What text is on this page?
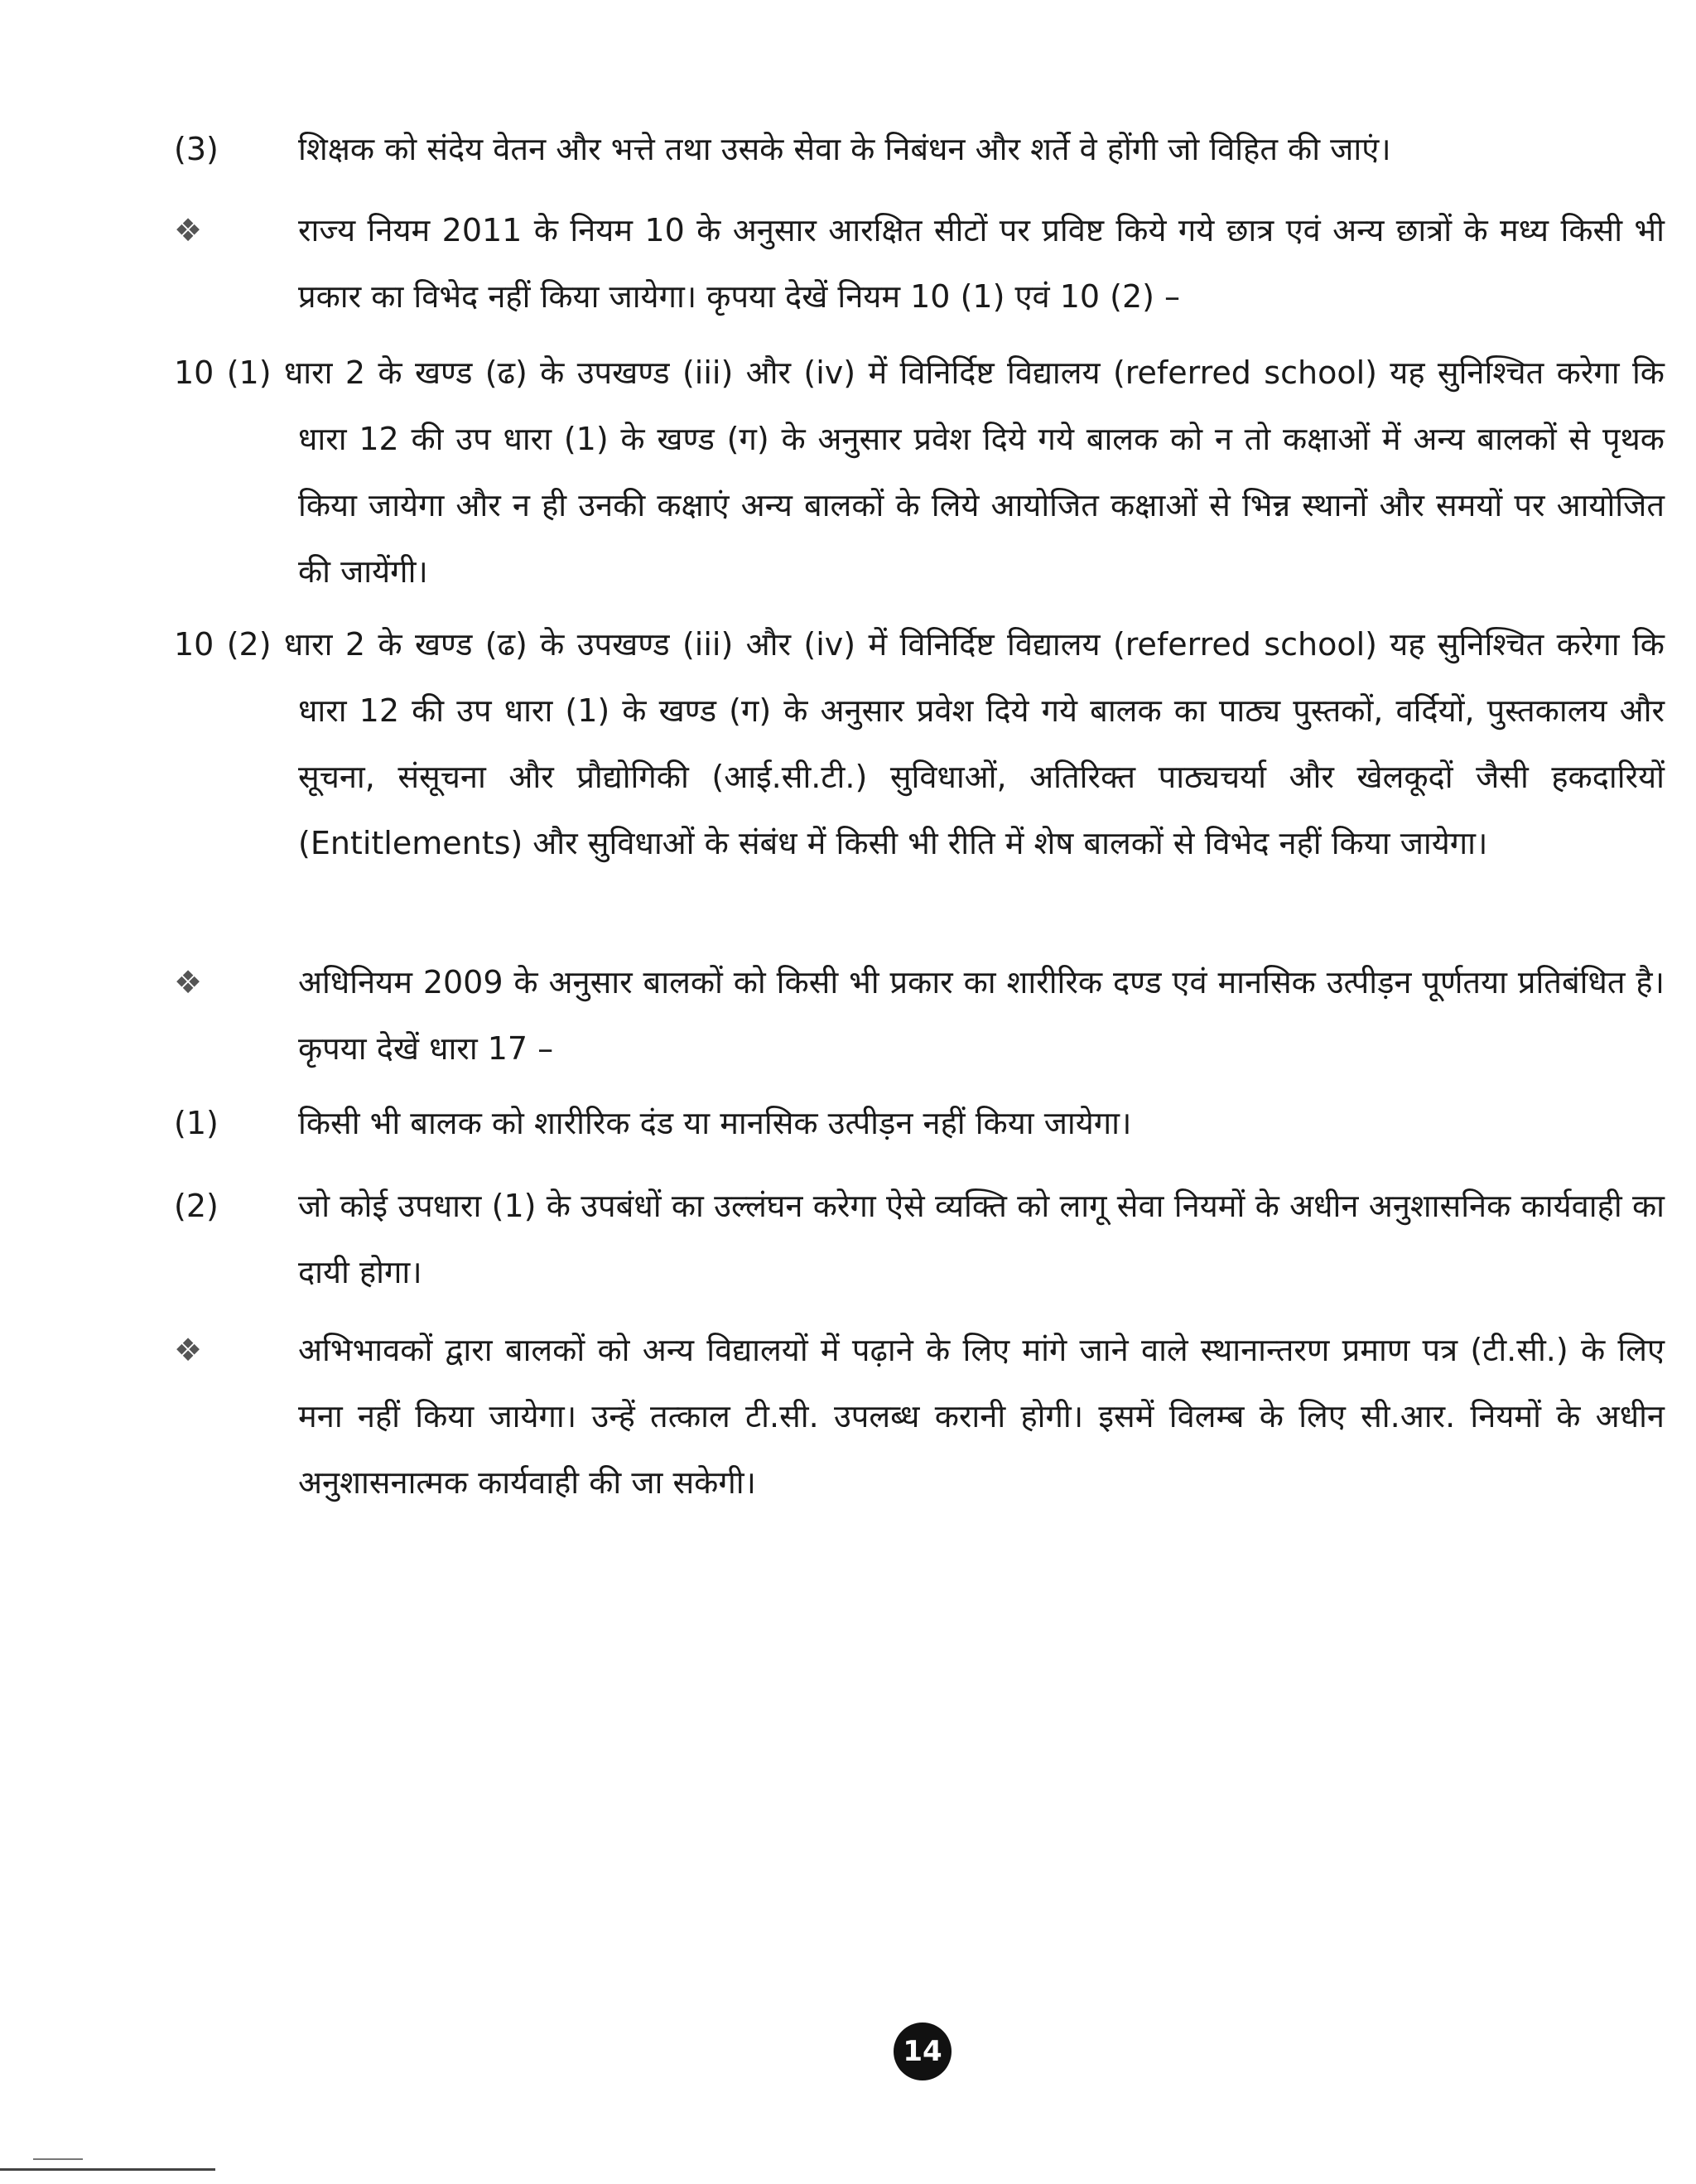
(3)	शिक्षक को संदेय वेतन और भत्ते तथा उसके सेवा के निबंधन और शर्ते वे होंगी जो विहित की जाएं।
❖	राज्य नियम 2011 के नियम 10 के अनुसार आरक्षित सीटों पर प्रविष्ट किये गये छात्र एवं अन्य छात्रों के मध्य किसी भी प्रकार का विभेद नहीं किया जायेगा। कृपया देखें नियम 10 (1) एवं 10 (2) –
10 (1) धारा 2 के खण्ड (ढ) के उपखण्ड (iii) और (iv) में विनिर्दिष्ट विद्यालय (referred school) यह सुनिश्चित करेगा कि धारा 12 की उप धारा (1) के खण्ड (ग) के अनुसार प्रवेश दिये गये बालक को न तो कक्षाओं में अन्य बालकों से पृथक किया जायेगा और न ही उनकी कक्षाएं अन्य बालकों के लिये आयोजित कक्षाओं से भिन्न स्थानों और समयों पर आयोजित की जायेंगी।
10 (2) धारा 2 के खण्ड (ढ) के उपखण्ड (iii) और (iv) में विनिर्दिष्ट विद्यालय (referred school) यह सुनिश्चित करेगा कि धारा 12 की उप धारा (1) के खण्ड (ग) के अनुसार प्रवेश दिये गये बालक का पाठ्य पुस्तकों, वर्दियों, पुस्तकालय और सूचना, संसूचना और प्रौद्योगिकी (आई.सी.टी.) सुविधाओं, अतिरिक्त पाठ्यचर्या और खेलकूदों जैसी हकदारियों (Entitlements) और सुविधाओं के संबंध में किसी भी रीति में शेष बालकों से विभेद नहीं किया जायेगा।
❖	अधिनियम 2009 के अनुसार बालकों को किसी भी प्रकार का शारीरिक दण्ड एवं मानसिक उत्पीड़न पूर्णतया प्रतिबंधित है। कृपया देखें धारा 17 –
(1)	किसी भी बालक को शारीरिक दंड या मानसिक उत्पीड़न नहीं किया जायेगा।
(2)	जो कोई उपधारा (1) के उपबंधों का उल्लंघन करेगा ऐसे व्यक्ति को लागू सेवा नियमों के अधीन अनुशासनिक कार्यवाही का दायी होगा।
❖	अभिभावकों द्वारा बालकों को अन्य विद्यालयों में पढ़ाने के लिए मांगे जाने वाले स्थानान्तरण प्रमाण पत्र (टी.सी.) के लिए मना नहीं किया जायेगा। उन्हें तत्काल टी.सी. उपलब्ध करानी होगी। इसमें विलम्ब के लिए सी.आर. नियमों के अधीन अनुशासनात्मक कार्यवाही की जा सकेगी।
14
